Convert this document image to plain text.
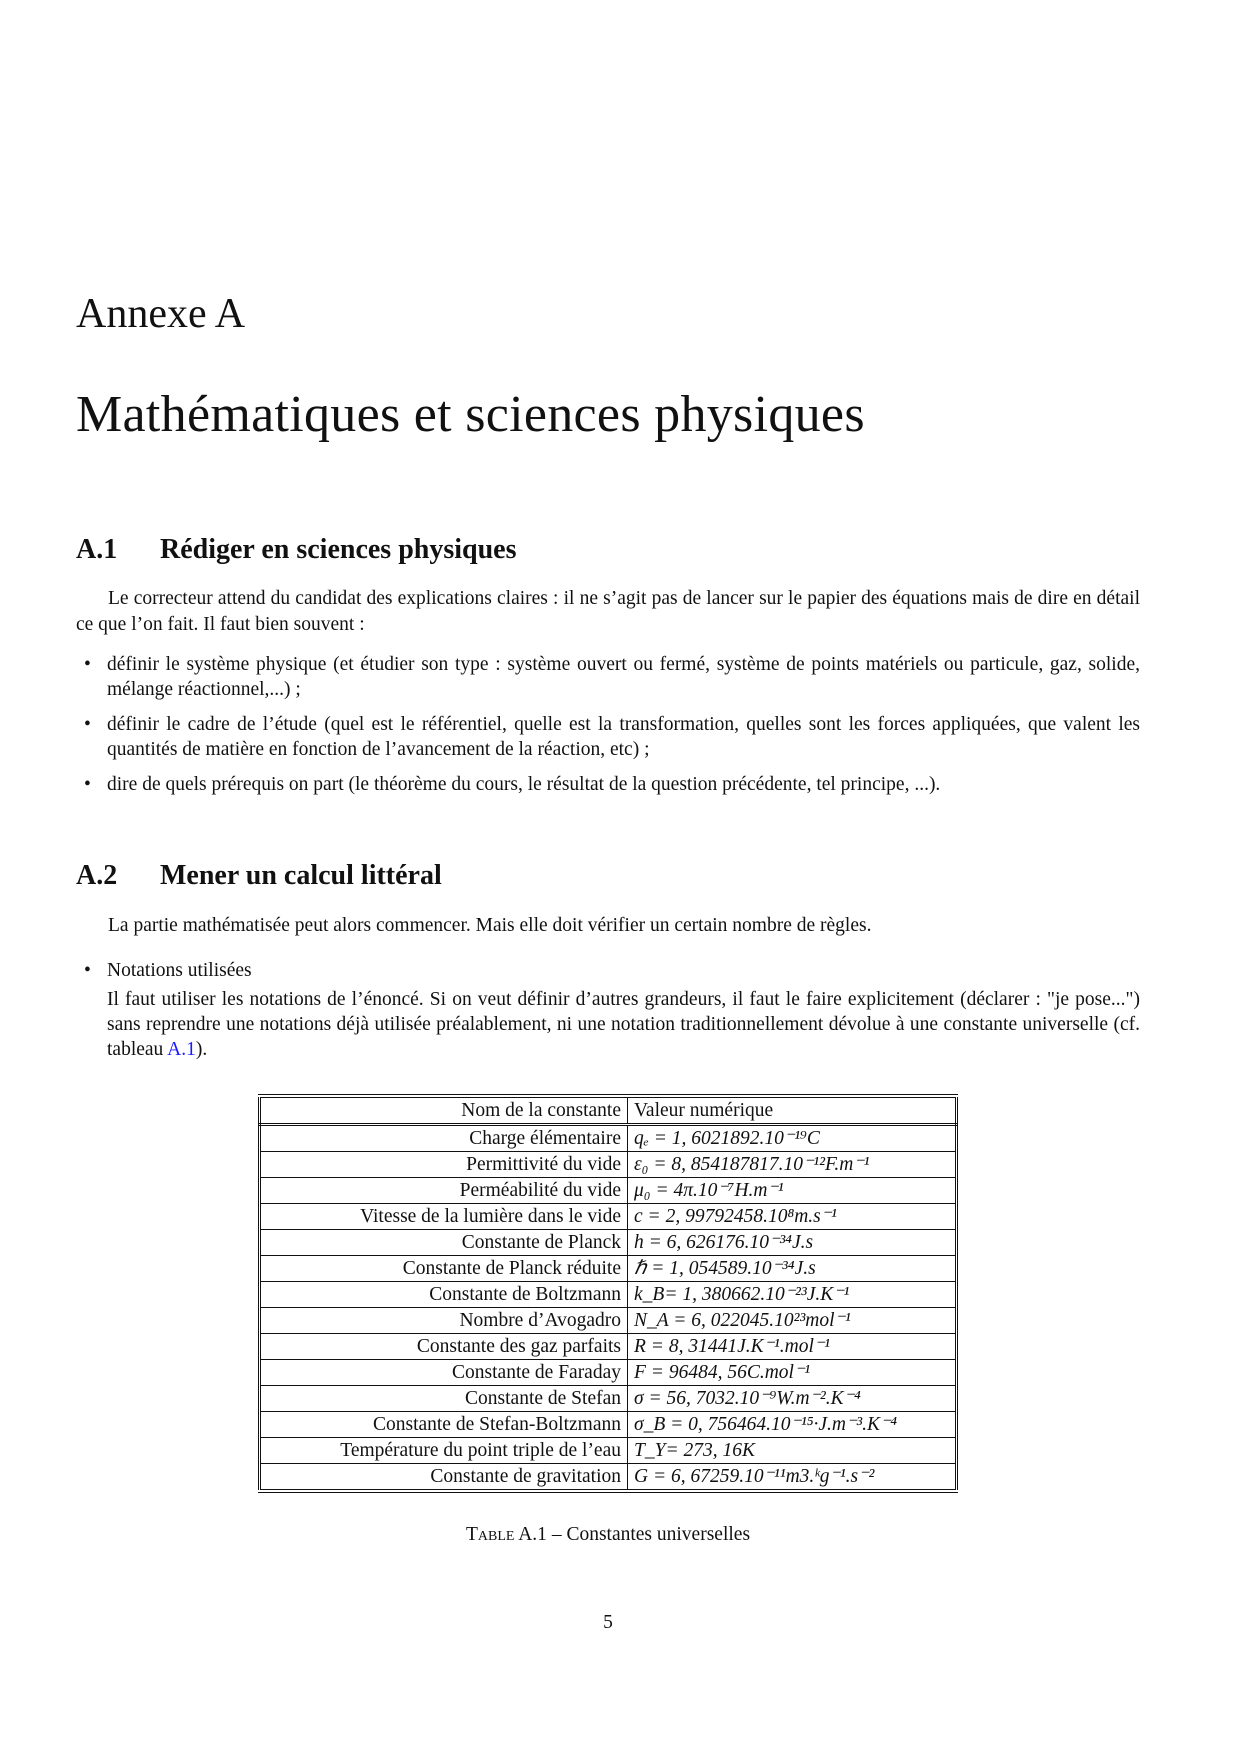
Annexe A
Mathématiques et sciences physiques
A.1 Rédiger en sciences physiques
Le correcteur attend du candidat des explications claires : il ne s’agit pas de lancer sur le papier des équations mais de dire en détail ce que l’on fait. Il faut bien souvent :
• définir le système physique (et étudier son type : système ouvert ou fermé, système de points matériels ou particule, gaz, solide, mélange réactionnel,...) ;
• définir le cadre de l’étude (quel est le référentiel, quelle est la transformation, quelles sont les forces appliquées, que valent les quantités de matière en fonction de l’avancement de la réaction, etc) ;
• dire de quels prérequis on part (le théorème du cours, le résultat de la question précédente, tel principe, ...).
A.2 Mener un calcul littéral
La partie mathématisée peut alors commencer. Mais elle doit vérifier un certain nombre de règles.
• Notations utilisées
Il faut utiliser les notations de l’énoncé. Si on veut définir d’autres grandeurs, il faut le faire explicitement (déclarer : "je pose...") sans reprendre une notations déjà utilisée préalablement, ni une notation traditionnellement dévolue à une constante universelle (cf. tableau A.1).
Nom de la constante	Valeur numérique
Charge élémentaire	qₑ = 1, 6021892.10⁻¹⁹C
Permittivité du vide	ε₀ = 8, 854187817.10⁻¹²F.m⁻¹
Perméabilité du vide	μ₀ = 4π.10⁻⁷H.m⁻¹
Vitesse de la lumière dans le vide	c = 2, 99792458.10⁸m.s⁻¹
Constante de Planck	h = 6, 626176.10⁻³⁴J.s
Constante de Planck réduite	ℏ = 1, 054589.10⁻³⁴J.s
Constante de Boltzmann	k_B= 1, 380662.10⁻²³J.K⁻¹
Nombre d’Avogadro	N_A = 6, 022045.10²³mol⁻¹
Constante des gaz parfaits	R = 8, 31441J.K⁻¹.mol⁻¹
Constante de Faraday	F = 96484, 56C.mol⁻¹
Constante de Stefan	σ = 56, 7032.10⁻⁹W.m⁻².K⁻⁴
Constante de Stefan-Boltzmann	σ_B = 0, 756464.10⁻¹⁵·J.m⁻³.K⁻⁴
Température du point triple de l’eau	T_Y= 273, 16K
Constante de gravitation	G = 6, 67259.10⁻¹¹m3.ᵏg⁻¹.s⁻²
Table A.1 – Constantes universelles
5
